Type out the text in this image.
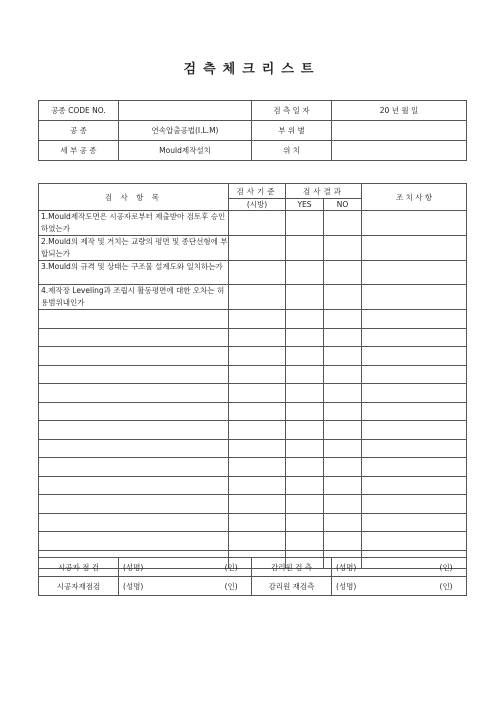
검측체크리스트
공종 CODE NO.		검 측 일 자	20 년 월 일
공 종	연속압출공법(I.L.M)	부 위 별	
세 부 공 종	Mould제작설치	위 치	
검 사 항 목	검사기준	검사결과		조 치 사 항
	(시방)	YES	NO	
1.Mould제작도면은 시공자로부터 제출받아 검토후 승인하였는가				
2.Mould의 제작 및 거치는 교량의 평면 및 종단선형에 부합되는가				
3.Mould의 규격 및 상태는 구조물 설계도와 일치하는가				
4.제작장 Leveling과 조립시 활동평면에 대한 오차는 허용범위내인가				

시공자 점 검	(성명) (인)	감리원 검 측	(성명) (인)
시공자재점검	(성명) (인)	감리원 재검측	(성명) (인)
